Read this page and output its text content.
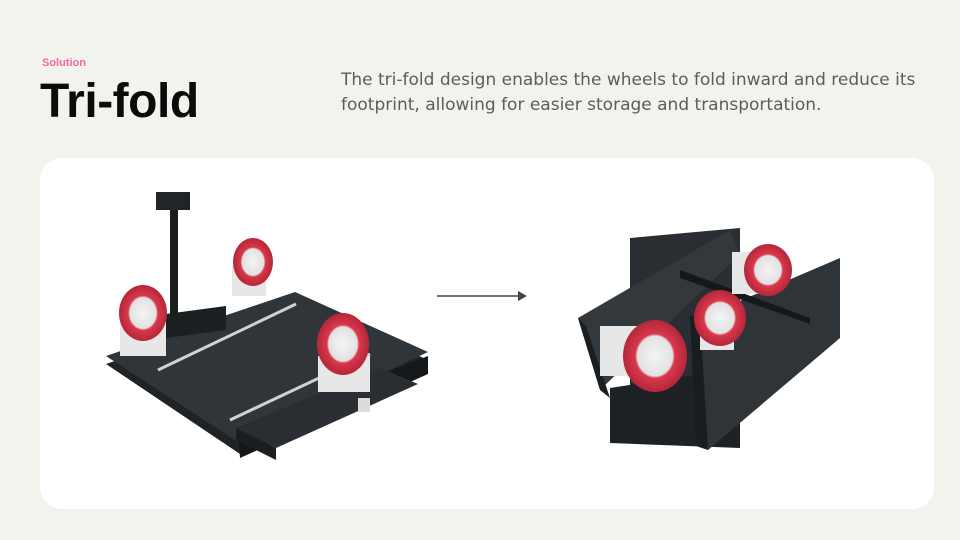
Solution
Tri-fold	The tri-fold design enables the wheels to fold inward and reduce its footprint, allowing for easier storage and transportation.
